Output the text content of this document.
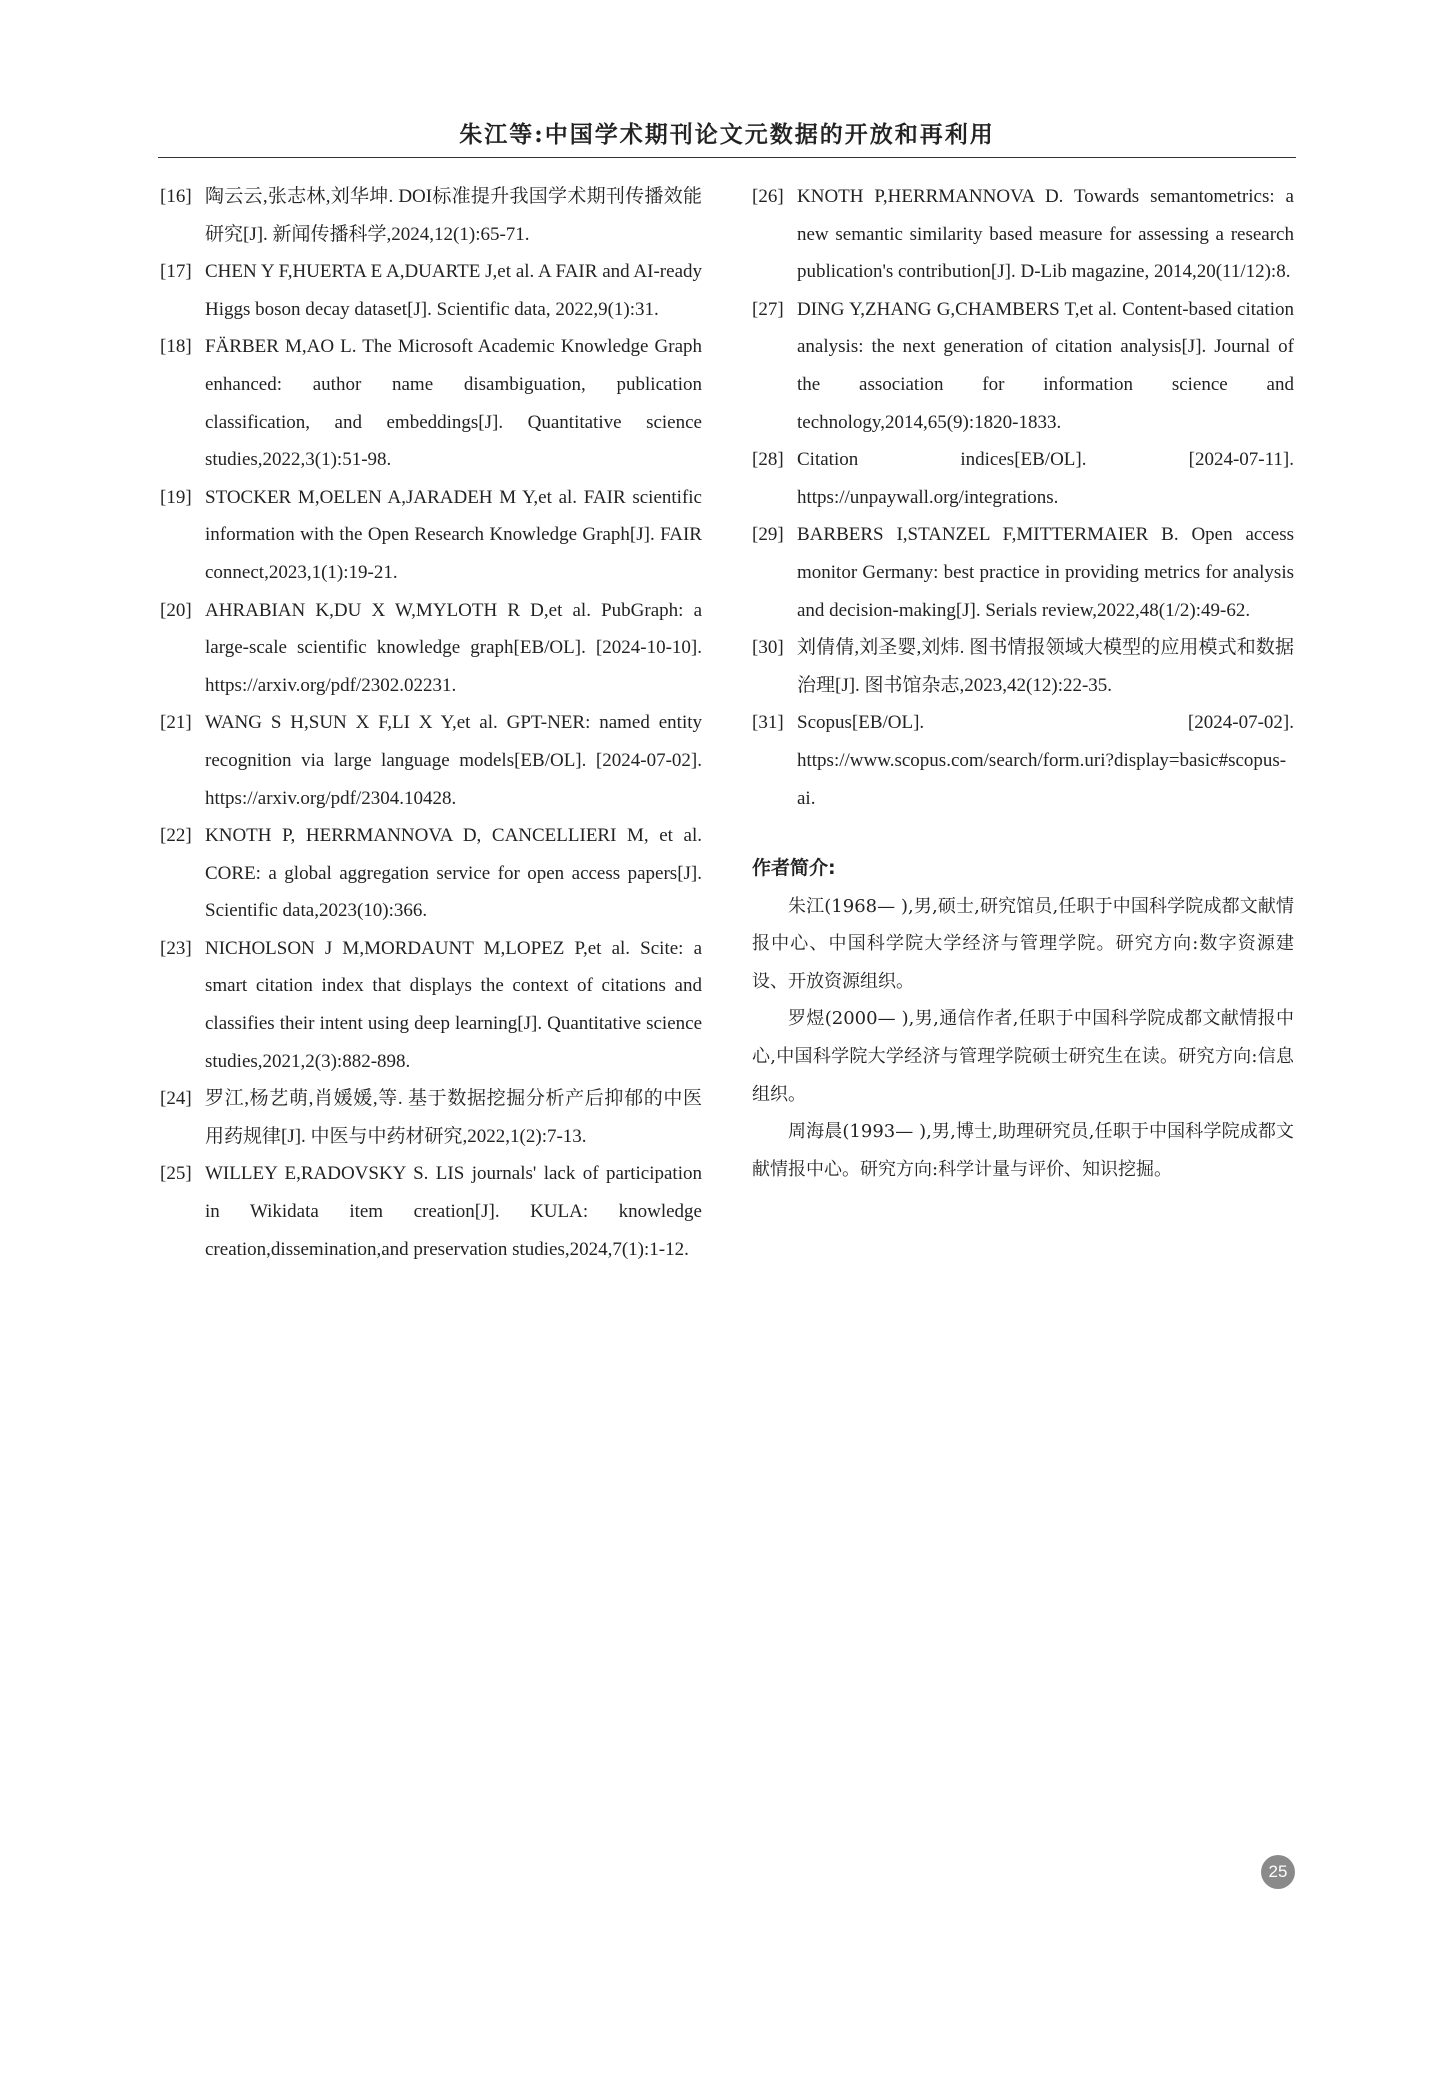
朱江等:中国学术期刊论文元数据的开放和再利用
[16] 陶云云,张志林,刘华坤. DOI标准提升我国学术期刊传播效能研究[J]. 新闻传播科学,2024,12(1):65-71.
[17] CHEN Y F,HUERTA E A,DUARTE J,et al. A FAIR and AI-ready Higgs boson decay dataset[J]. Scientific data, 2022,9(1):31.
[18] FÄRBER M,AO L. The Microsoft Academic Knowledge Graph enhanced: author name disambiguation, publication classification, and embeddings[J]. Quantitative science studies,2022,3(1):51-98.
[19] STOCKER M,OELEN A,JARADEH M Y,et al. FAIR scientific information with the Open Research Knowledge Graph[J]. FAIR connect,2023,1(1):19-21.
[20] AHRABIAN K,DU X W,MYLOTH R D,et al. PubGraph: a large-scale scientific knowledge graph[EB/OL]. [2024-10-10]. https://arxiv.org/pdf/2302.02231.
[21] WANG S H,SUN X F,LI X Y,et al. GPT-NER: named entity recognition via large language models[EB/OL]. [2024-07-02]. https://arxiv.org/pdf/2304.10428.
[22] KNOTH P, HERRMANNOVA D, CANCELLIERI M, et al. CORE: a global aggregation service for open access papers[J]. Scientific data,2023(10):366.
[23] NICHOLSON J M,MORDAUNT M,LOPEZ P,et al. Scite: a smart citation index that displays the context of citations and classifies their intent using deep learning[J]. Quantitative science studies,2021,2(3):882-898.
[24] 罗江,杨艺萌,肖媛媛,等. 基于数据挖掘分析产后抑郁的中医用药规律[J]. 中医与中药材研究,2022,1(2):7-13.
[25] WILLEY E,RADOVSKY S. LIS journals' lack of participation in Wikidata item creation[J]. KULA: knowledge creation,dissemination,and preservation studies,2024,7(1):1-12.
[26] KNOTH P,HERRMANNOVA D. Towards semantometrics: a new semantic similarity based measure for assessing a research publication's contribution[J]. D-Lib magazine, 2014,20(11/12):8.
[27] DING Y,ZHANG G,CHAMBERS T,et al. Content-based citation analysis: the next generation of citation analysis[J]. Journal of the association for information science and technology,2014,65(9):1820-1833.
[28] Citation indices[EB/OL]. [2024-07-11]. https://unpaywall.org/integrations.
[29] BARBERS I,STANZEL F,MITTERMAIER B. Open access monitor Germany: best practice in providing metrics for analysis and decision-making[J]. Serials review,2022,48(1/2):49-62.
[30] 刘倩倩,刘圣婴,刘炜. 图书情报领域大模型的应用模式和数据治理[J]. 图书馆杂志,2023,42(12):22-35.
[31] Scopus[EB/OL]. [2024-07-02]. https://www.scopus.com/search/form.uri?display=basic#scopus-ai.
作者简介:

朱江(1968— ),男,硕士,研究馆员,任职于中国科学院成都文献情报中心、中国科学院大学经济与管理学院。研究方向:数字资源建设、开放资源组织。

罗煜(2000— ),男,通信作者,任职于中国科学院成都文献情报中心,中国科学院大学经济与管理学院硕士研究生在读。研究方向:信息组织。

周海晨(1993— ),男,博士,助理研究员,任职于中国科学院成都文献情报中心。研究方向:科学计量与评价、知识挖掘。

25
